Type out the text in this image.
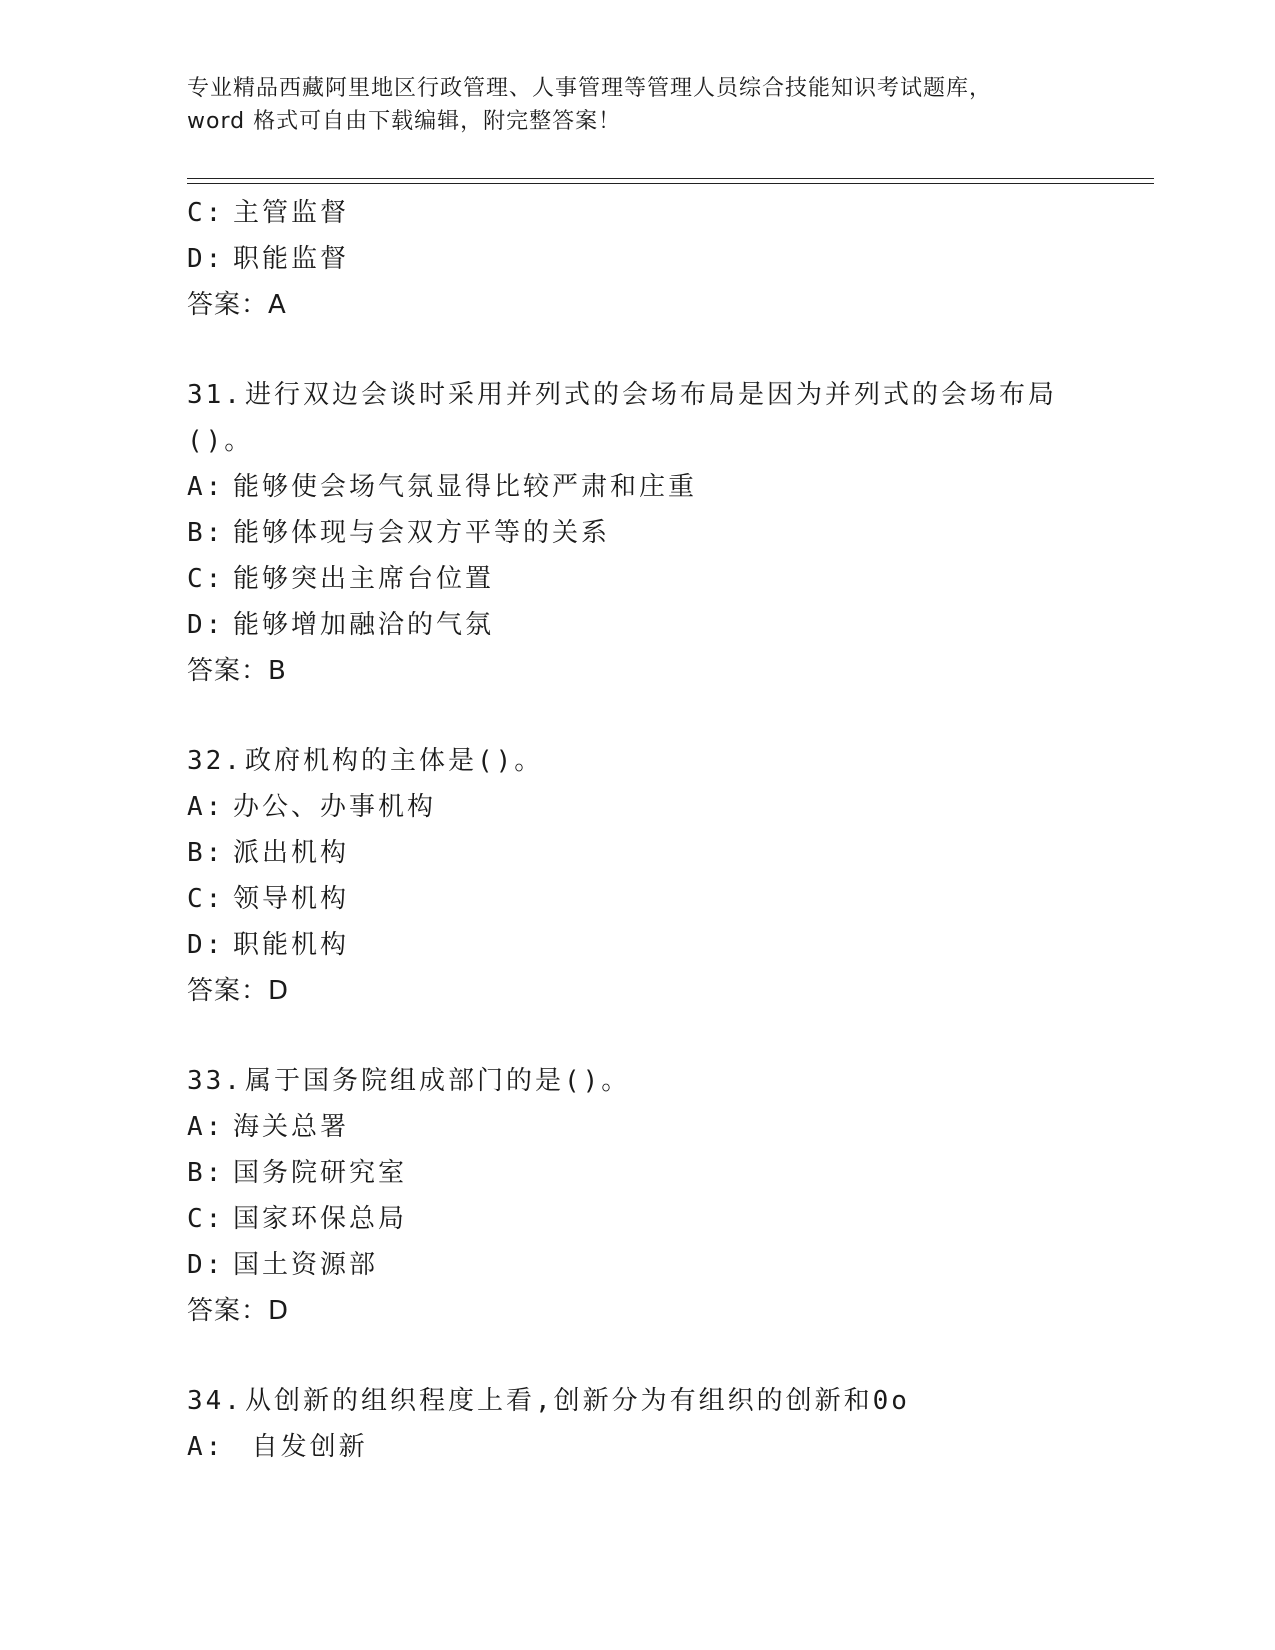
专业精品西藏阿里地区行政管理、人事管理等管理人员综合技能知识考试题库，
word 格式可自由下载编辑，附完整答案！
C: 主管监督
D: 职能监督
答案：A
31.进行双边会谈时采用并列式的会场布局是因为并列式的会场布局
()。
A: 能够使会场气氛显得比较严肃和庄重
B: 能够体现与会双方平等的关系
C: 能够突出主席台位置
D: 能够增加融洽的气氛
答案：B
32.政府机构的主体是()。
A: 办公、办事机构
B: 派出机构
C: 领导机构
D: 职能机构
答案：D
33.属于国务院组成部门的是()。
A: 海关总署
B: 国务院研究室
C: 国家环保总局
D: 国土资源部
答案：D
34.从创新的组织程度上看,创新分为有组织的创新和0o
A: 自发创新
